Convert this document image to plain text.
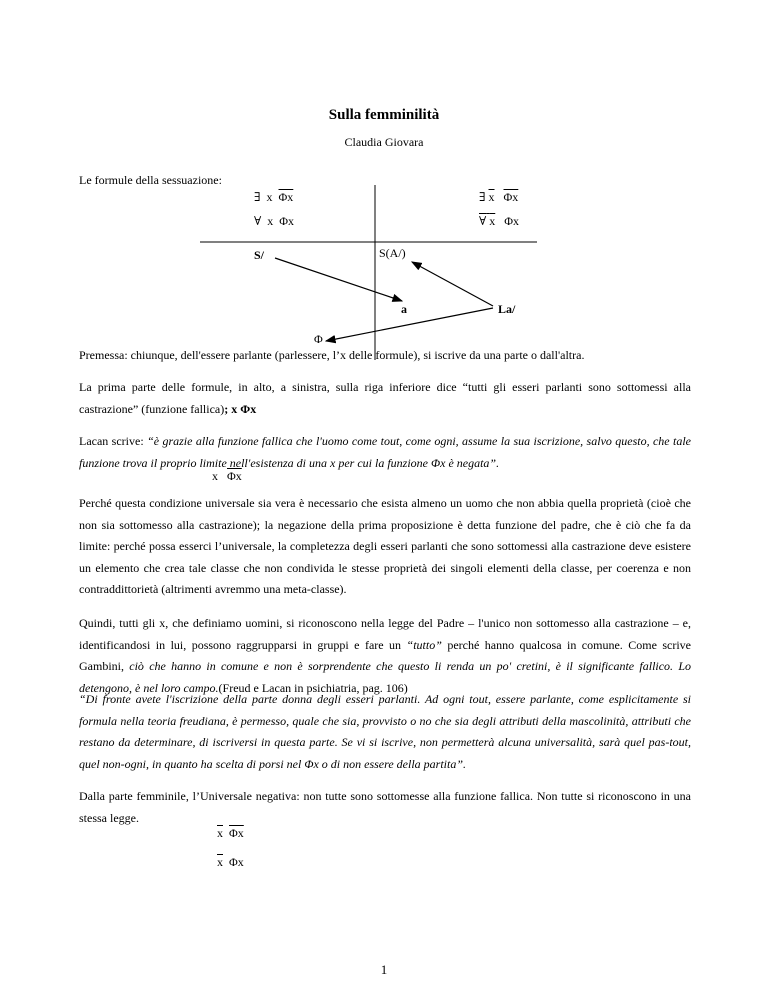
Sulla femminilità
Claudia Giovara
Le formule della sessuazione:
∃ x $\overline{\Phi x}$
∀ x Φx
∃ $\overline{x}$ $\overline{\Phi x}$
∀ x Φx
S/	S(A/)
a	La/
Φ
Premessa: chiunque, dell'essere parlante (parlessere, l’x delle formule), si iscrive da una parte o dall'altra.
La prima parte delle formule, in alto, a sinistra, sulla riga inferiore dice “tutti gli esseri parlanti sono sottomessi alla castrazione” (funzione fallica); x Φx
Lacan scrive: “è grazie alla funzione fallica che l'uomo come tout, come ogni, assume la sua iscrizione, salvo questo, che tale funzione trova il proprio limite nell'esistenza di una x per cui la funzione Φx è negata”.
x $\overline{\Phi x}$
Perché questa condizione universale sia vera è necessario che esista almeno un uomo che non abbia quella proprietà (cioè che non sia sottomesso alla castrazione); la negazione della prima proposizione è detta funzione del padre, che è ciò che fa da limite: perché possa esserci l’universale, la completezza degli esseri parlanti che sono sottomessi alla castrazione deve esistere un elemento che crea tale classe che non condivida le stesse proprietà dei singoli elementi della classe, per coerenza e non contraddittorietà (altrimenti avremmo una meta-classe).
Quindi, tutti gli x, che definiamo uomini, si riconoscono nella legge del Padre – l'unico non sottomesso alla castrazione – e, identificandosi in lui, possono raggrupparsi in gruppi e fare un “tutto” perché hanno qualcosa in comune. Come scrive Gambini, ciò che hanno in comune e non è sorprendente che questo li renda un po' cretini, è il significante fallico. Lo detengono, è nel loro campo.(Freud e Lacan in psichiatria, pag. 106)
“Di fronte avete l'iscrizione della parte donna degli esseri parlanti. Ad ogni tout, essere parlante, come esplicitamente si formula nella teoria freudiana, è permesso, quale che sia, provvisto o no che sia degli attributi della mascolinità, attributi che restano da determinare, di iscriversi in questa parte. Se vi si iscrive, non permetterà alcuna universalità, sarà quel pas-tout, quel non-ogni, in quanto ha scelta di porsi nel Φx o di non essere della partita”.
Dalla parte femminile, l’Universale negativa: non tutte sono sottomesse alla funzione fallica. Non tutte si riconoscono in una stessa legge.
$\overline{x}$ $\overline{\Phi x}$
$\overline{x}$ Φx
1
